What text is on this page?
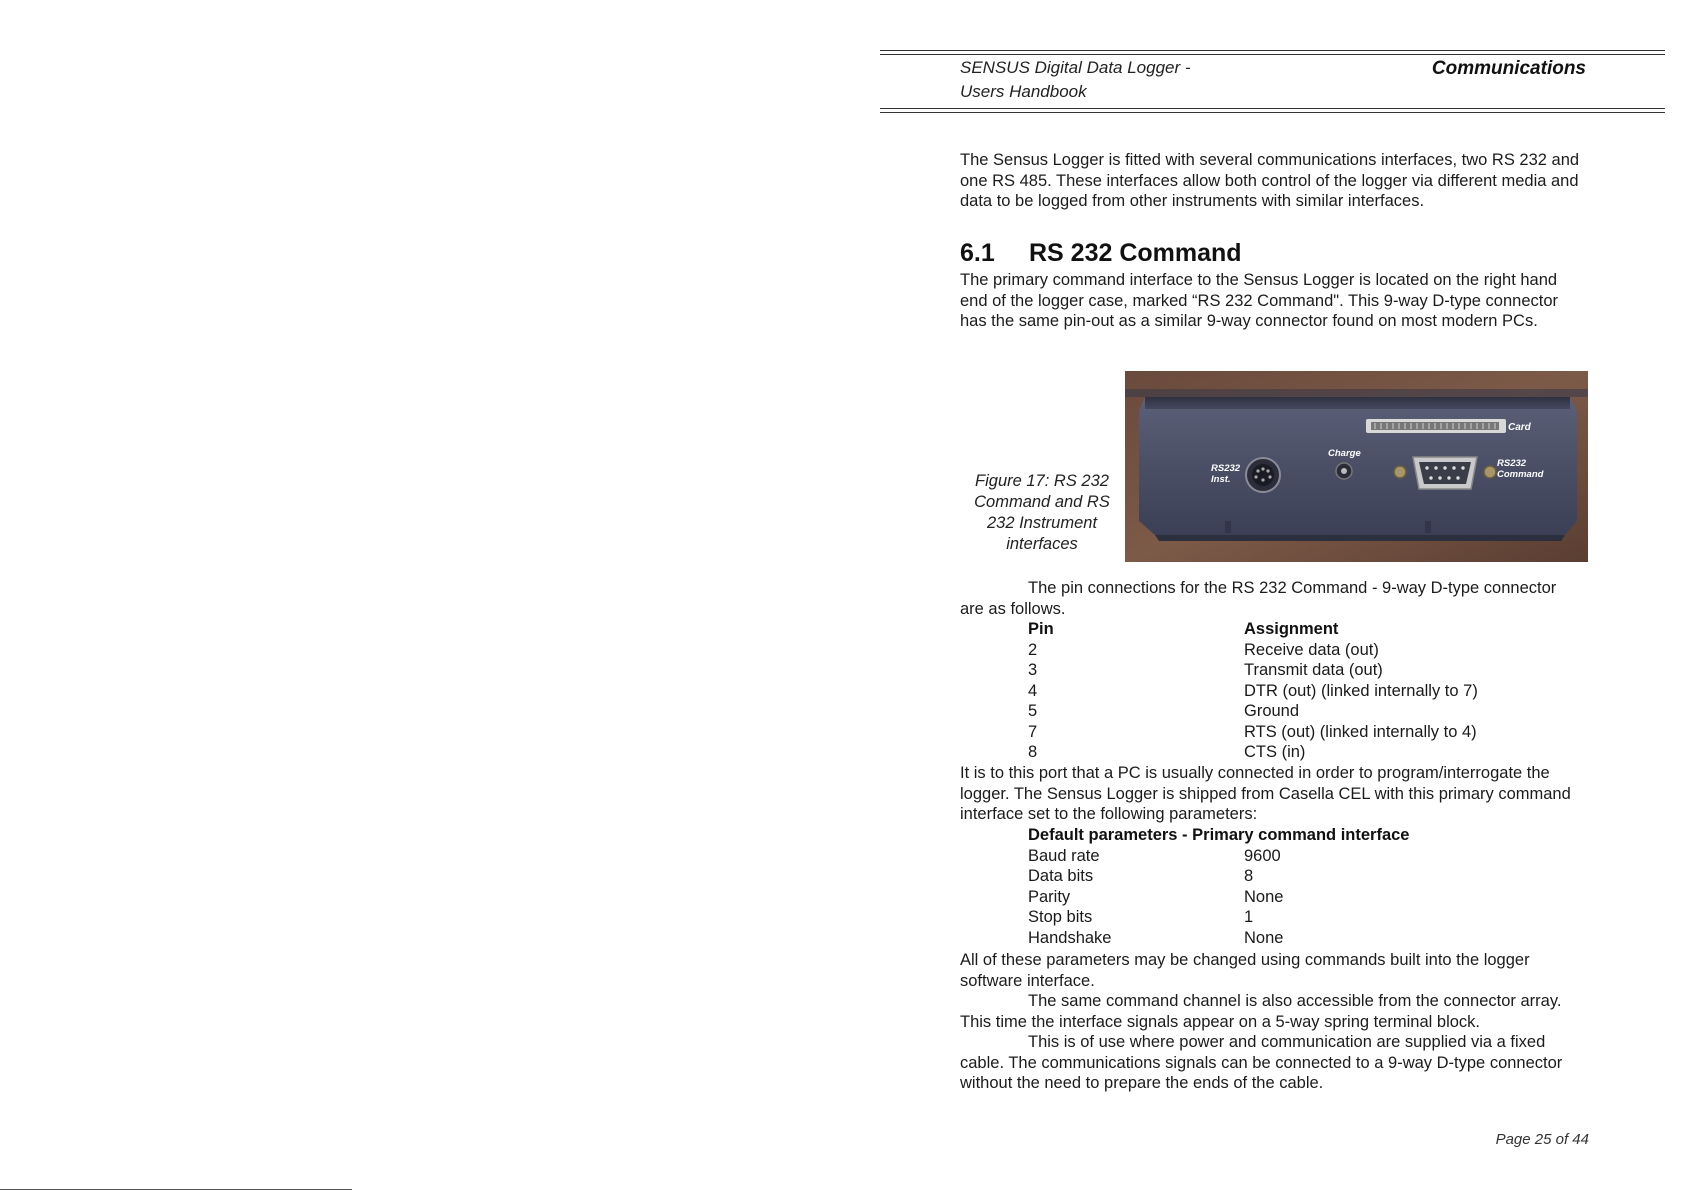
SENSUS Digital Data Logger -
Users Handbook
Communications
The Sensus Logger is fitted with several communications interfaces, two RS 232 and one RS 485. These interfaces allow both control of the logger via different media and data to be logged from other instruments with similar interfaces.
6.1 RS 232 Command
The primary command interface to the Sensus Logger is located on the right hand end of the logger case, marked “RS 232 Command". This 9-way D-type connector has the same pin-out as a similar 9-way connector found on most modern PCs.
Figure 17: RS 232 Command and RS 232 Instrument interfaces
Card
Charge
RS232 Inst.
RS232 Command
The pin connections for the RS 232 Command - 9-way D-type connector are as follows.
Pin	Assignment
2	Receive data (out)
3	Transmit data (out)
4	DTR (out) (linked internally to 7)
5	Ground
7	RTS (out) (linked internally to 4)
8	CTS (in)
It is to this port that a PC is usually connected in order to program/interrogate the logger. The Sensus Logger is shipped from Casella CEL with this primary command interface set to the following parameters:
Default parameters - Primary command interface
Baud rate	9600
Data bits	8
Parity	None
Stop bits	1
Handshake	None
All of these parameters may be changed using commands built into the logger software interface.
The same command channel is also accessible from the connector array. This time the interface signals appear on a 5-way spring terminal block.
This is of use where power and communication are supplied via a fixed cable. The communications signals can be connected to a 9-way D-type connector without the need to prepare the ends of the cable.
Page 25 of 44
